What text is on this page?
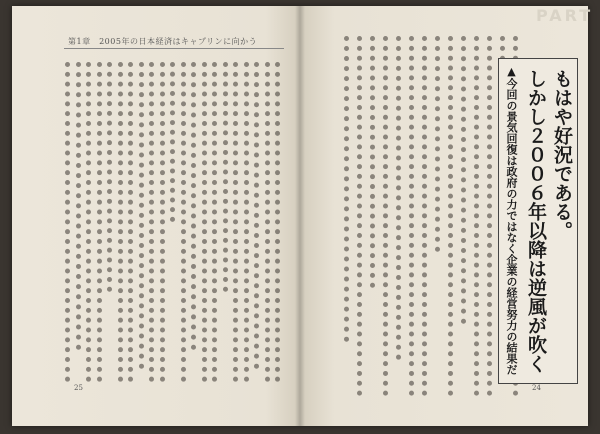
第1章　2005年の日本経済はキャプリンに向かう
25
PART
もはや好況である。
しかし２００６年以降は逆風が吹く
▲今回の景気回復は政府の力ではなく企業の経営努力の結果だ
24
